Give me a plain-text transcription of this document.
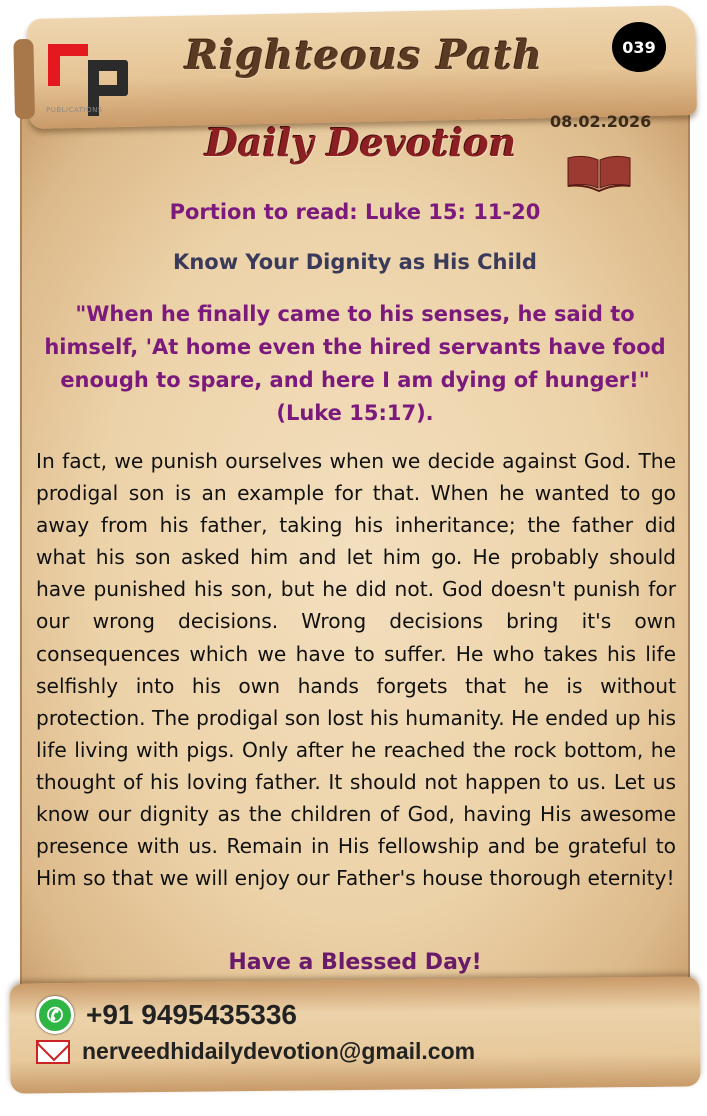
PUBLICATIONS
Righteous Path	039
08.02.2026
Daily Devotion
Portion to read: Luke 15: 11-20
Know Your Dignity as His Child
"When he finally came to his senses, he said to himself, 'At home even the hired servants have food enough to spare, and here I am dying of hunger!" (Luke 15:17).
In fact, we punish ourselves when we decide against God. The prodigal son is an example for that. When he wanted to go away from his father, taking his inheritance; the father did what his son asked him and let him go. He probably should have punished his son, but he did not. God doesn't punish for our wrong decisions. Wrong decisions bring it's own consequences which we have to suffer. He who takes his life selfishly into his own hands forgets that he is without protection. The prodigal son lost his humanity. He ended up his life living with pigs. Only after he reached the rock bottom, he thought of his loving father. It should not happen to us. Let us know our dignity as the children of God, having His awesome presence with us. Remain in His fellowship and be grateful to Him so that we will enjoy our Father's house thorough eternity!
Have a Blessed Day!
✆ +91 9495435336
nerveedhidailydevotion@gmail.com
